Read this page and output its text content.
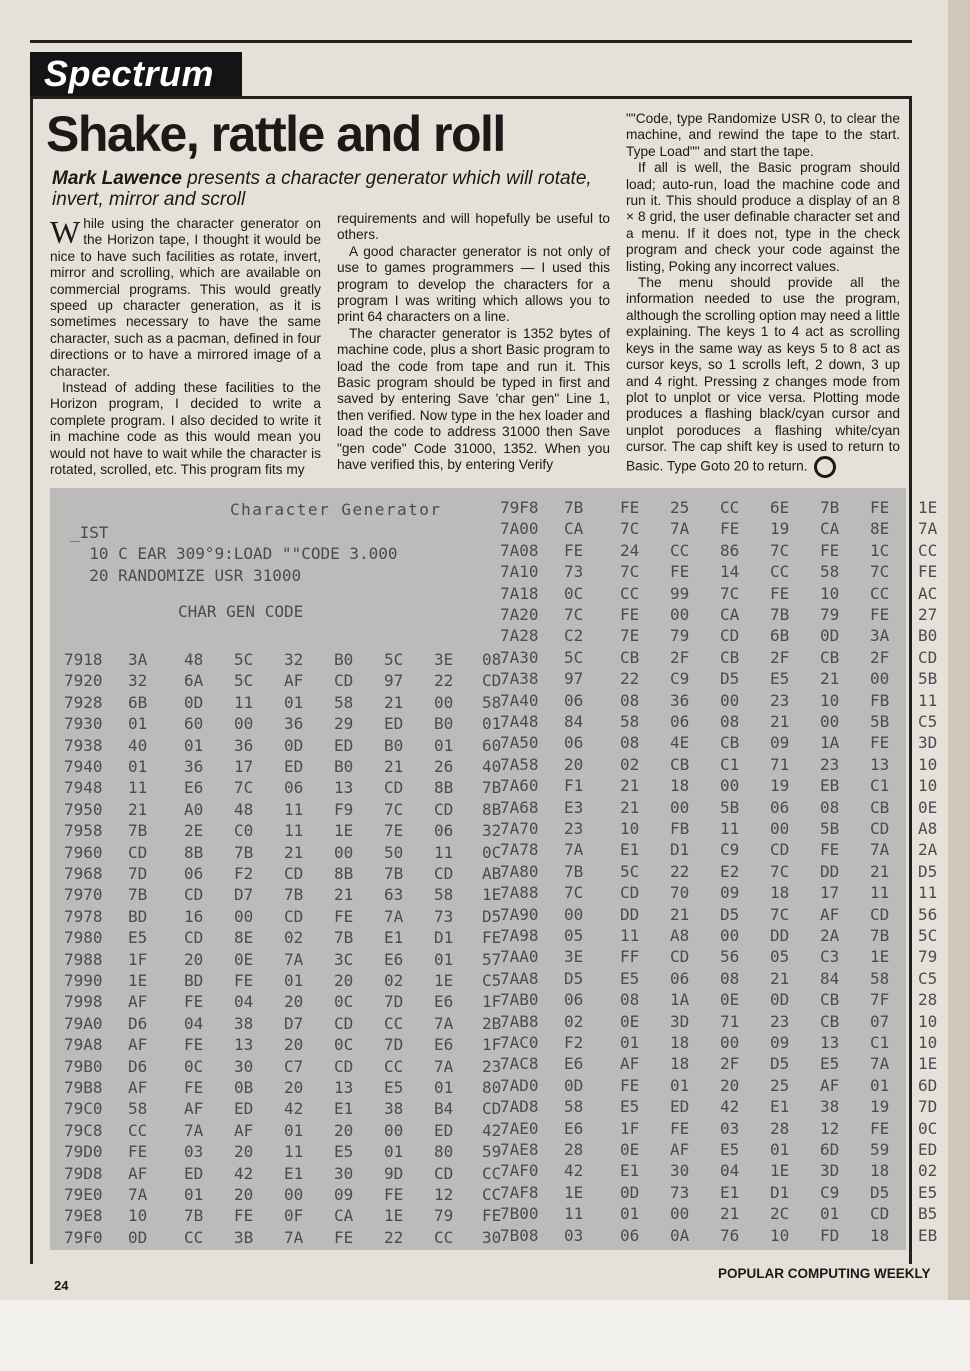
Spectrum
Shake, rattle and roll
Mark Lawence presents a character generator which will rotate, invert, mirror and scroll

While using the character generator on the Horizon tape, I thought it would be nice to have such facilities as rotate, invert, mirror and scrolling, which are available on commercial programs. This would greatly speed up character generation, as it is sometimes necessary to have the same character, such as a pacman, defined in four directions or to have a mirrored image of a character.

Instead of adding these facilities to the Horizon program, I decided to write a complete program. I also decided to write it in machine code as this would mean you would not have to wait while the character is rotated, scrolled, etc. This program fits my

requirements and will hopefully be useful to others.

A good character generator is not only of use to games programmers — I used this program to develop the characters for a program I was writing which allows you to print 64 characters on a line.

The character generator is 1352 bytes of machine code, plus a short Basic program to load the code from tape and run it. This Basic program should be typed in first and saved by entering Save 'char gen" Line 1, then verified. Now type in the hex loader and load the code to address 31000 then Save "gen code" Code 31000, 1352. When you have verified this, by entering Verify

""Code, type Randomize USR 0, to clear the machine, and rewind the tape to the start. Type Load"" and start the tape.

If all is well, the Basic program should load; auto-run, load the machine code and run it. This should produce a display of an 8 × 8 grid, the user definable character set and a menu. If it does not, type in the check program and check your code against the listing, Poking any incorrect values.

The menu should provide all the information needed to use the program, although the scrolling option may need a little explaining. The keys 1 to 4 act as scrolling keys in the same way as keys 5 to 8 act as cursor keys, so 1 scrolls left, 2 down, 3 up and 4 right. Pressing z changes mode from plot to unplot or vice versa. Plotting mode produces a flashing black/cyan cursor and unplot poroduces a flashing white/cyan cursor. The cap shift key is used to return to Basic. Type Goto 20 to return.

Character Generator
_IST
10 C EAR 309°9:LOAD ""CODE 3.000
20 RANDOMIZE USR 31000
CHAR GEN CODE
7918 3A 48 5C 32 B0 5C 3E 08
7920 32 6A 5C AF CD 97 22 CD
7928 6B 0D 11 01 58 21 00 58
7930 01 60 00 36 29 ED B0 01
7938 40 01 36 0D ED B0 01 60
7940 01 36 17 ED B0 21 26 40
7948 11 E6 7C 06 13 CD 8B 7B
7950 21 A0 48 11 F9 7C CD 8B
7958 7B 2E C0 11 1E 7E 06 32
7960 CD 8B 7B 21 00 50 11 0C
7968 7D 06 F2 CD 8B 7B CD AB
7970 7B CD D7 7B 21 63 58 1E
7978 BD 16 00 CD FE 7A 73 D5
7980 E5 CD 8E 02 7B E1 D1 FE
7988 1F 20 0E 7A 3C E6 01 57
7990 1E BD FE 01 20 02 1E C5
7998 AF FE 04 20 0C 7D E6 1F
79A0 D6 04 38 D7 CD CC 7A 2B
79A8 AF FE 13 20 0C 7D E6 1F
79B0 D6 0C 30 C7 CD CC 7A 23
79B8 AF FE 0B 20 13 E5 01 80
79C0 58 AF ED 42 E1 38 B4 CD
79C8 CC 7A AF 01 20 00 ED 42
79D0 FE 03 20 11 E5 01 80 59
79D8 AF ED 42 E1 30 9D CD CC
79E0 7A 01 20 00 09 FE 12 CC
79E8 10 7B FE 0F CA 1E 79 FE
79F0 0D CC 3B 7A FE 22 CC 30
79F8 7B FE 25 CC 6E 7B FE 1E
7A00 CA 7C 7A FE 19 CA 8E 7A
7A08 FE 24 CC 86 7C FE 1C CC
7A10 73 7C FE 14 CC 58 7C FE
7A18 0C CC 99 7C FE 10 CC AC
7A20 7C FE 00 CA 7B 79 FE 27
7A28 C2 7E 79 CD 6B 0D 3A B0
7A30 5C CB 2F CB 2F CB 2F CD
7A38 97 22 C9 D5 E5 21 00 5B
7A40 06 08 36 00 23 10 FB 11
7A48 84 58 06 08 21 00 5B C5
7A50 06 08 4E CB 09 1A FE 3D
7A58 20 02 CB C1 71 23 13 10
7A60 F1 21 18 00 19 EB C1 10
7A68 E3 21 00 5B 06 08 CB 0E
7A70 23 10 FB 11 00 5B CD A8
7A78 7A E1 D1 C9 CD FE 7A 2A
7A80 7B 5C 22 E2 7C DD 21 D5
7A88 7C CD 70 09 18 17 11 11
7A90 00 DD 21 D5 7C AF CD 56
7A98 05 11 A8 00 DD 2A 7B 5C
7AA0 3E FF CD 56 05 C3 1E 79
7AA8 D5 E5 06 08 21 84 58 C5
7AB0 06 08 1A 0E 0D CB 7F 28
7AB8 02 0E 3D 71 23 CB 07 10
7AC0 F2 01 18 00 09 13 C1 10
7AC8 E6 AF 18 2F D5 E5 7A 1E
7AD0 0D FE 01 20 25 AF 01 6D
7AD8 58 E5 ED 42 E1 38 19 7D
7AE0 E6 1F FE 03 28 12 FE 0C
7AE8 28 0E AF E5 01 6D 59 ED
7AF0 42 E1 30 04 1E 3D 18 02
7AF8 1E 0D 73 E1 D1 C9 D5 E5
7B00 11 01 00 21 2C 01 CD B5
7B08 03 06 0A 76 10 FD 18 EB
24
POPULAR COMPUTING WEEKLY
